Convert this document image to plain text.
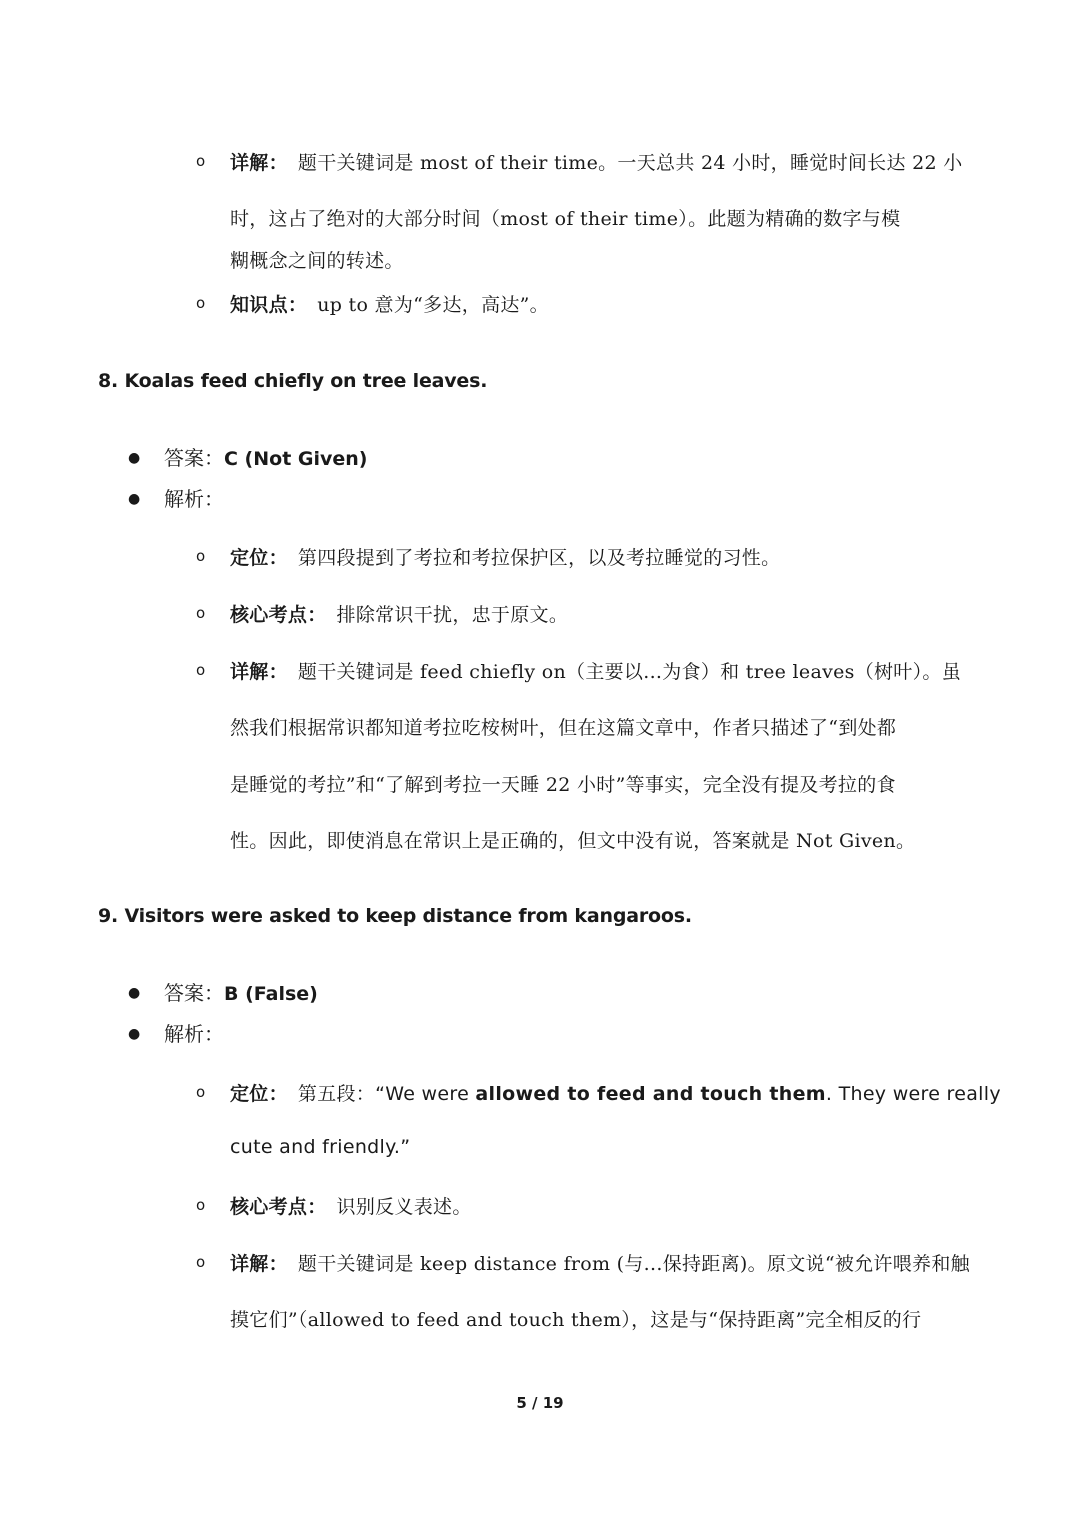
o 详解： 题干关键词是 most of their time。一天总共 24 小时，睡觉时间长达 22 小
时，这占了绝对的大部分时间（most of their time）。此题为精确的数字与模
糊概念之间的转述。
o 知识点： up to 意为“多达，高达”。
8. Koalas feed chiefly on tree leaves.
● 答案：C (Not Given)
● 解析：
o 定位： 第四段提到了考拉和考拉保护区，以及考拉睡觉的习性。
o 核心考点： 排除常识干扰，忠于原文。
o 详解： 题干关键词是 feed chiefly on（主要以...为食）和 tree leaves（树叶）。虽
然我们根据常识都知道考拉吃桉树叶，但在这篇文章中，作者只描述了“到处都
是睡觉的考拉”和“了解到考拉一天睡 22 小时”等事实，完全没有提及考拉的食
性。因此，即使消息在常识上是正确的，但文中没有说，答案就是 Not Given。
9. Visitors were asked to keep distance from kangaroos.
● 答案：B (False)
● 解析：
o 定位： 第五段：“We were allowed to feed and touch them. They were really
cute and friendly.”
o 核心考点： 识别反义表述。
o 详解： 题干关键词是 keep distance from (与...保持距离)。原文说“被允许喂养和触
摸它们”（allowed to feed and touch them），这是与“保持距离”完全相反的行
5 / 19
